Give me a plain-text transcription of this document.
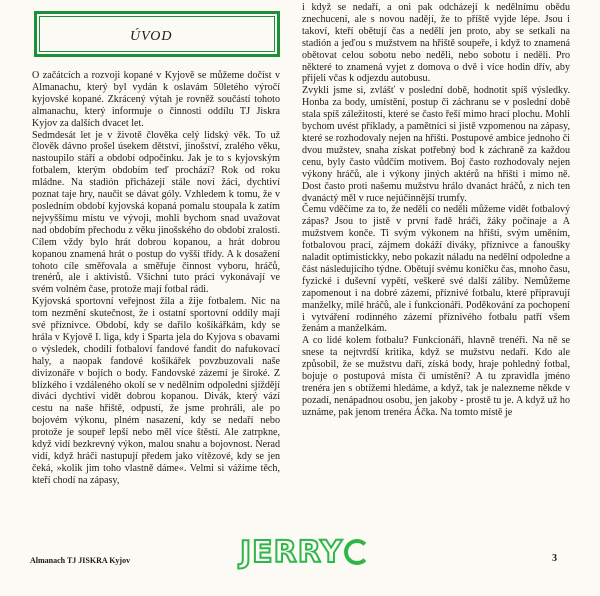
ÚVOD

O začátcích a rozvoji kopané v Kyjově se můžeme dočíst v Almanachu, který byl vydán k oslavám 50letého výročí kyjovské kopané. Zkrácený výtah je rovněž součástí tohoto almanachu, který informuje o činnosti oddílu TJ Jiskra Kyjov za dalších dvacet let.

Sedmdesát let je v životě člověka celý lidský věk. To už člověk dávno prošel úsekem dětství, jinošství, zralého věku, nastoupilo stáří a období odpočinku. Jak je to s kyjovským fotbalem, kterým obdobím teď prochází? Rok od roku mládne. Na stadión přicházejí stále noví žáci, dychtiví poznat taje hry, naučit se dávat góly. Vzhledem k tomu, že v posledním období kyjovská kopaná pomalu stoupala k zatím nejvyššímu místu ve vývoji, mohli bychom snad uvažovat nad obdobím přechodu z věku jinošského do období zralosti. Cílem vždy bylo hrát dobrou kopanou, a hrát dobrou kopanou znamená hrát o postup do vyšší třídy. A k dosažení tohoto cíle směřovala a směřuje činnost vyboru, hráčů, trenérů, ale i aktivistů. Všichni tuto práci vykonávají ve svém volném čase, protože mají fotbal rádi.

Kyjovská sportovní veřejnost žila a žije fotbalem. Nic na tom nezmění skutečnost, že i ostatní sportovní oddíly mají své příznivce. Období, kdy se dařilo košíkářkám, kdy se hrála v Kyjově I. liga, kdy i Sparta jela do Kyjova s obavami o výsledek, chodilí fotbaloví fandové fandit do nafukovací haly, a naopak fandové košíkářek povzbuzovali naše divizonáře v bojích o body. Fandovské zázemí je široké. Z blízkého i vzdáleného okolí se v nedělním odpoledni sjíždějí diváci dychtiví vidět dobrou kopanou. Divák, který vází cestu na naše hřiště, odpustí, že jsme prohráli, ale po bojovém výkonu, plném nasazení, kdy se nedaří nebo protože je soupeř lepší nebo měl více štěstí. Ale zatrpkne, když vidí bezkrevný výkon, malou snahu a bojovnost. Nerad vidí, když hráči nastupují předem jako vítězové, kdy se jen čeká, »kolik jim toho vlastně dáme«. Velmi si vážíme těch, kteří chodí na zápasy,

i když se nedaří, a oni pak odcházejí k nedělnímu obědu znechucení, ale s novou nadějí, že to příště vyjde lépe. Jsou i takoví, kteří obětují čas a nedělí jen proto, aby se setkali na stadión a jeďou s mužstvem na hřiště soupeře, i když to znamená obětovat celou sobotu nebo neděli, nebo sobotu i neděli. Pro některé to znamená vyjet z domova o dvě i více hodin dřív, aby přijeli včas k odjezdu autobusu.

Zvykli jsme si, zvlášť v poslední době, hodnotit spíš výsledky. Honba za body, umístění, postup či záchranu se v poslední době stala spíš záležitostí, které se často řeší mimo hrací plochu. Mohli bychom uvést příklady, a pamětníci si jistě vzpomenou na zápasy, které se rozhodovaly nejen na hřišti. Postupové ambice jednoho či dvou mužstev, snaha získat potřebný bod k záchraně za každou cenu, byly často vůdčím motivem. Boj často rozhodovaly nejen výkony hráčů, ale i výkony jiných aktérů na hřišti i mimo ně. Dost často proti našemu mužstvu hrálo dvanáct hráčů, z nich ten dvanáctý měl v ruce nejúčinnější trumfy.

Čemu vděčíme za to, že neděli co neděli můžeme vidět fotbalový zápas? Jsou to jistě v první řadě hráči, žáky počínaje a A mužstvem konče. Ti svým výkonem na hřišti, svým uměním, fotbalovou prací, zájmem dokáží diváky, příznivce a fanoušky naladit optimistickky, nebo pokazit náladu na nedělní odpoledne a část následujícího týdne. Obětují svému koníčku čas, mnoho času, fyzické i duševní vypětí, veškeré své další záliby. Nemůžeme zapomenout i na dobré zázemí, příznivé fotbalu, které připravují manželky, milé hráčů, ale i funkcionáři. Poděkování za pochopení i vytváření rodinného zázemí příznivého fotbalu patří všem ženám a manželkám.

A co lidé kolem fotbalu? Funkcionáři, hlavně trenéři. Na ně se snese ta nejtvrdší kritika, když se mužstvu nedaří. Kdo ale způsobil, že se mužstvu daří, získá body, hraje pohledný fotbal, bojuje o postupová místa či umístění? A tu zpravidla jméno trenéra jen s obtížemi hledáme, a když, tak je nalezneme někde v pozadí, nenápadnou osobu, jen jakoby - prostě tu je. A když už ho uznáme, pak jenom trenéra Áčka. Na tomto místě je

Almanach TJ JISKRA Kyjov	JERRY	3
